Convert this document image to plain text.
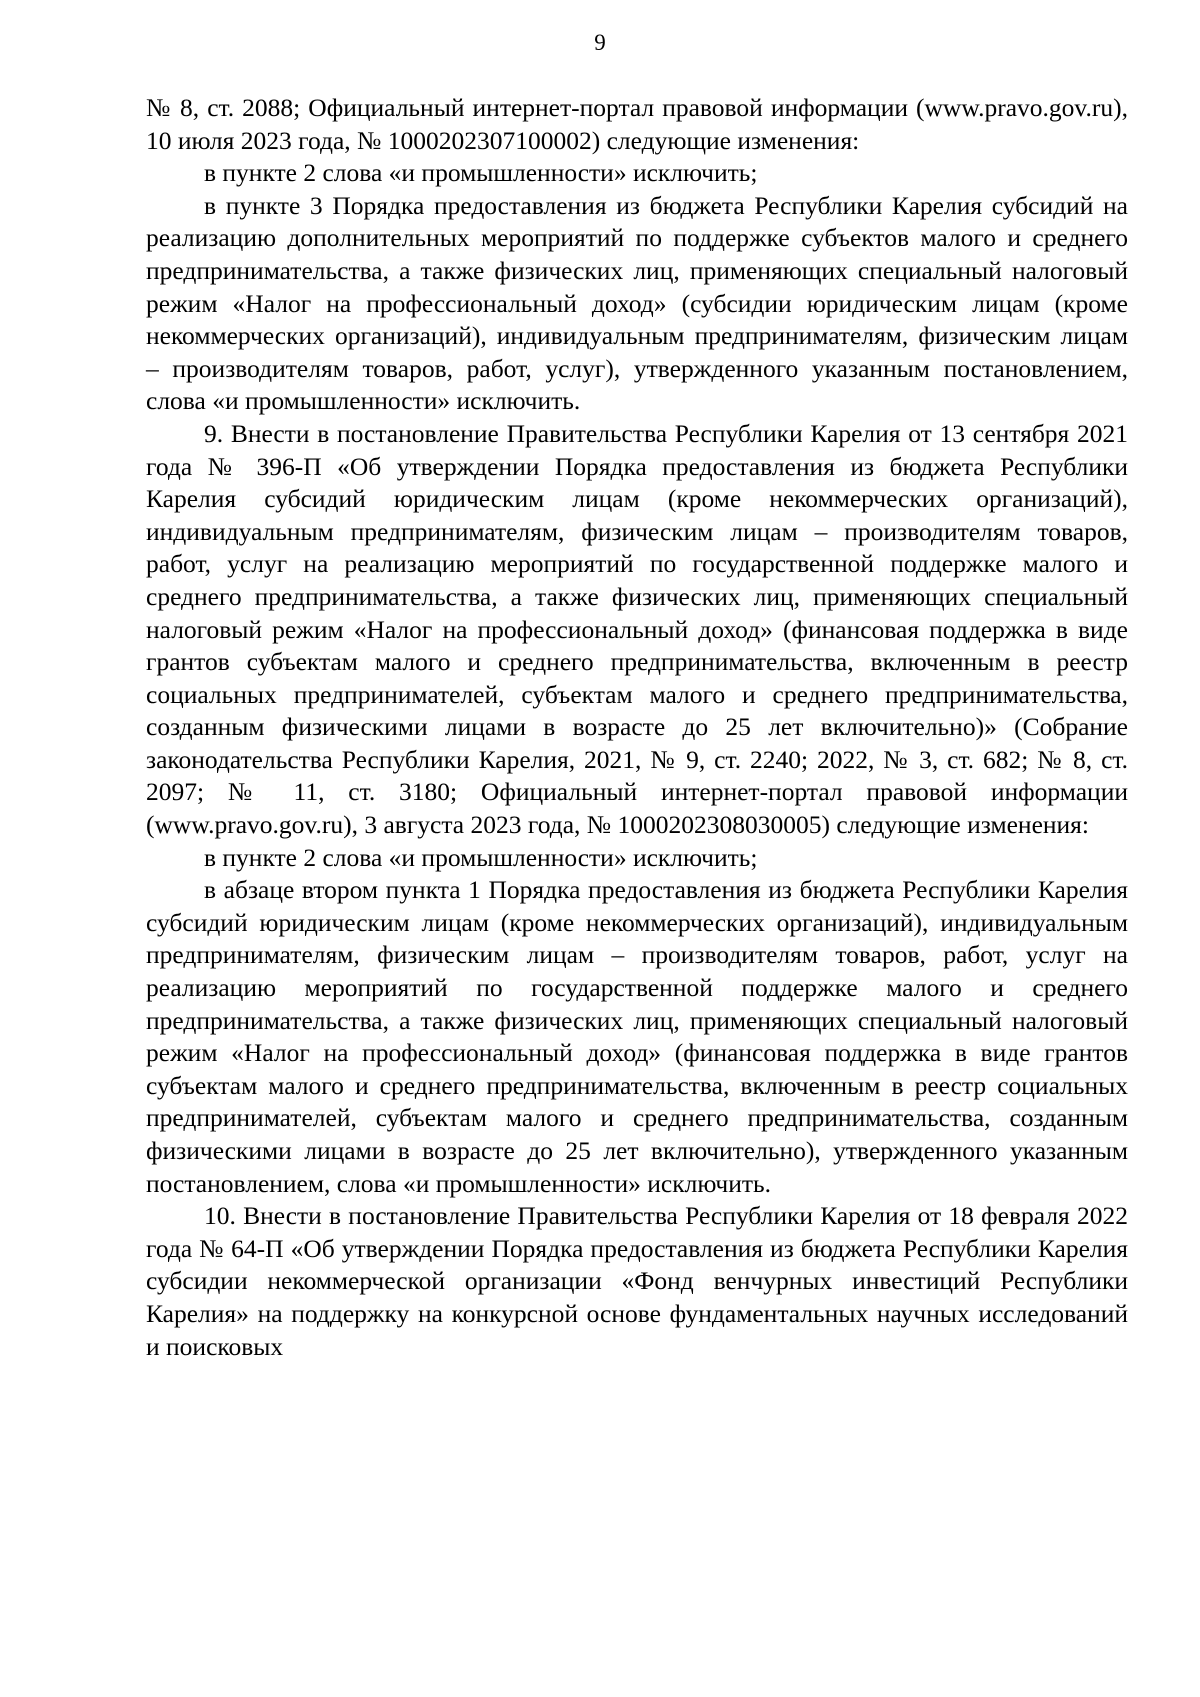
9

№ 8, ст. 2088; Официальный интернет-портал правовой информации (www.pravo.gov.ru), 10 июля 2023 года, № 1000202307100002) следующие изменения:

в пункте 2 слова «и промышленности» исключить;

в пункте 3 Порядка предоставления из бюджета Республики Карелия субсидий на реализацию дополнительных мероприятий по поддержке субъектов малого и среднего предпринимательства, а также физических лиц, применяющих специальный налоговый режим «Налог на профессиональный доход» (субсидии юридическим лицам (кроме некоммерческих организаций), индивидуальным предпринимателям, физическим лицам – производителям товаров, работ, услуг), утвержденного указанным постановлением, слова «и промышленности» исключить.

9. Внести в постановление Правительства Республики Карелия от 13 сентября 2021 года № 396-П «Об утверждении Порядка предоставления из бюджета Республики Карелия субсидий юридическим лицам (кроме некоммерческих организаций), индивидуальным предпринимателям, физическим лицам – производителям товаров, работ, услуг на реализацию мероприятий по государственной поддержке малого и среднего предпринимательства, а также физических лиц, применяющих специальный налоговый режим «Налог на профессиональный доход» (финансовая поддержка в виде грантов субъектам малого и среднего предпринимательства, включенным в реестр социальных предпринимателей, субъектам малого и среднего предпринимательства, созданным физическими лицами в возрасте до 25 лет включительно)» (Собрание законодательства Республики Карелия, 2021, № 9, ст. 2240; 2022, № 3, ст. 682; № 8, ст. 2097; № 11, ст. 3180; Официальный интернет-портал правовой информации (www.pravo.gov.ru), 3 августа 2023 года, № 1000202308030005) следующие изменения:

в пункте 2 слова «и промышленности» исключить;

в абзаце втором пункта 1 Порядка предоставления из бюджета Республики Карелия субсидий юридическим лицам (кроме некоммерческих организаций), индивидуальным предпринимателям, физическим лицам – производителям товаров, работ, услуг на реализацию мероприятий по государственной поддержке малого и среднего предпринимательства, а также физических лиц, применяющих специальный налоговый режим «Налог на профессиональный доход» (финансовая поддержка в виде грантов субъектам малого и среднего предпринимательства, включенным в реестр социальных предпринимателей, субъектам малого и среднего предпринимательства, созданным физическими лицами в возрасте до 25 лет включительно), утвержденного указанным постановлением, слова «и промышленности» исключить.

10. Внести в постановление Правительства Республики Карелия от 18 февраля 2022 года № 64-П «Об утверждении Порядка предоставления из бюджета Республики Карелия субсидии некоммерческой организации «Фонд венчурных инвестиций Республики Карелия» на поддержку на конкурсной основе фундаментальных научных исследований и поисковых
